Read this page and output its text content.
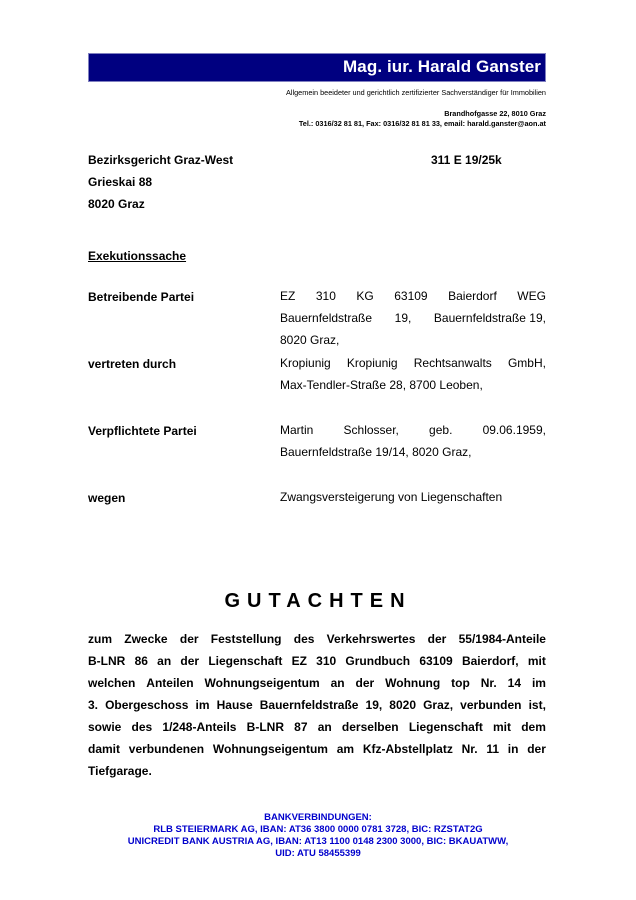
Mag. iur. Harald Ganster
Allgemein beeideter und gerichtlich zertifizierter Sachverständiger für Immobilien
Brandhofgasse 22, 8010 Graz
Tel.: 0316/32 81 81, Fax: 0316/32 81 81 33, email: harald.ganster@aon.at
Bezirksgericht Graz-West
Grieskai 88
8020 Graz
311 E 19/25k
Exekutionssache
Betreibende Partei	EZ 310 KG 63109 Baierdorf WEG
Bauernfeldstraße 19, Bauernfeldstraße 19,
8020 Graz,
vertreten durch	Kropiunig Kropiunig Rechtsanwalts GmbH,
Max-Tendler-Straße 28, 8700 Leoben,
Verpflichtete Partei	Martin	Schlosser,	geb.	09.06.1959,
Bauernfeldstraße 19/14, 8020 Graz,
wegen	Zwangsversteigerung von Liegenschaften
GUTACHTEN
zum Zwecke der Feststellung des Verkehrswertes der 55/1984-Anteile
B-LNR 86 an der Liegenschaft EZ 310 Grundbuch 63109 Baierdorf, mit
welchen Anteilen Wohnungseigentum an der Wohnung top Nr. 14 im
3. Obergeschoss im Hause Bauernfeldstraße 19, 8020 Graz, verbunden ist,
sowie des 1/248-Anteils B-LNR 87 an derselben Liegenschaft mit dem
damit verbundenen Wohnungseigentum am Kfz-Abstellplatz Nr. 11 in der
Tiefgarage.
BANKVERBINDUNGEN:
RLB STEIERMARK AG, IBAN: AT36 3800 0000 0781 3728, BIC: RZSTAT2G
UNICREDIT BANK AUSTRIA AG, IBAN: AT13 1100 0148 2300 3000, BIC: BKAUATWW,
UID: ATU 58455399
